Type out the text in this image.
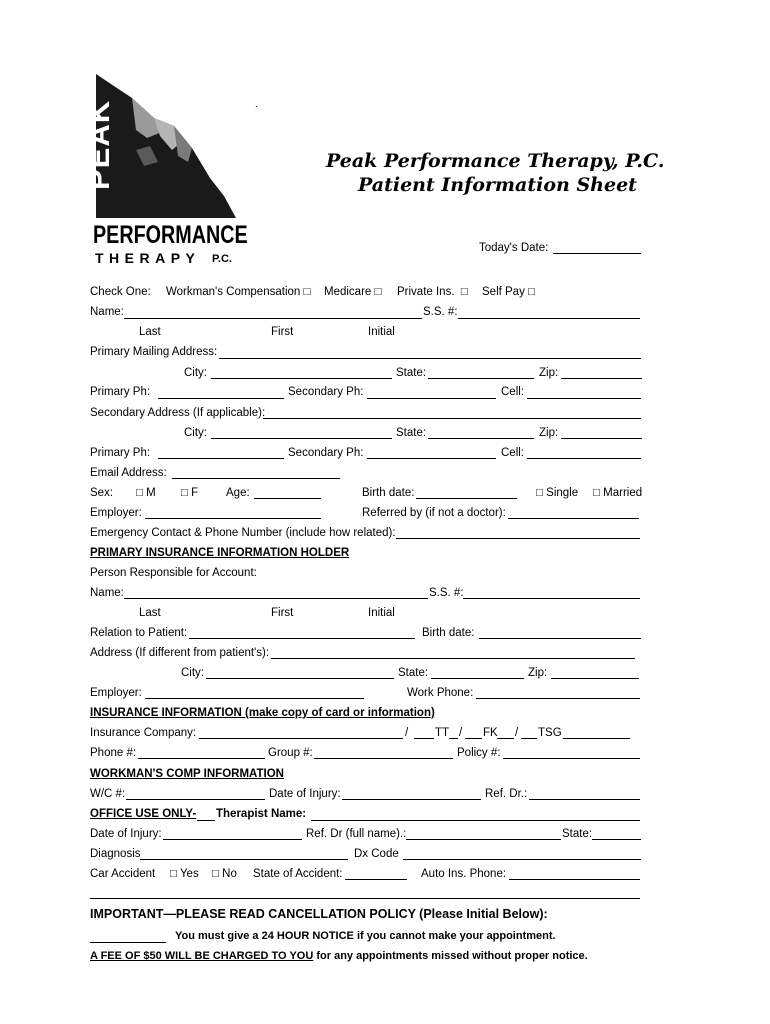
PEAK
PERFORMANCE
THERAPY P.C.
.
Peak Performance Therapy, P.C.
Patient Information Sheet
Today's Date:
Check One: Workman's Compensation □ Medicare □ Private Ins.  □ Self Pay □
Name:	S.S. #:
Last	First	Initial
Primary Mailing Address:
City:	State:	Zip:
Primary Ph:	Secondary Ph:	Cell:
Secondary Address (If applicable):
City:	State:	Zip:
Primary Ph:	Secondary Ph:	Cell:
Email Address:
Sex: □ M □ F Age:	Birth date:	□ Single □ Married
Employer:	Referred by (if not a doctor):
Emergency Contact & Phone Number (include how related):
PRIMARY INSURANCE INFORMATION HOLDER
Person Responsible for Account:
Name:	S.S. #:
Last	First	Initial
Relation to Patient:	Birth date:
Address (If different from patient's):
City:	State:	Zip:
Employer:	Work Phone:
INSURANCE INFORMATION (make copy of card or information)
Insurance Company:	/ TT / FK / TSG
Phone #:	Group #:	Policy #:
WORKMAN'S COMP INFORMATION
W/C #:	Date of Injury:	Ref. Dr.:
OFFICE USE ONLY- Therapist Name:
Date of Injury:	Ref. Dr (full name).:	State:
Diagnosis	Dx Code
Car Accident □ Yes □ No State of Accident:	Auto Ins. Phone:
IMPORTANT—PLEASE READ CANCELLATION POLICY (Please Initial Below):
You must give a 24 HOUR NOTICE if you cannot make your appointment.
A FEE OF $50 WILL BE CHARGED TO YOU for any appointments missed without proper notice.
